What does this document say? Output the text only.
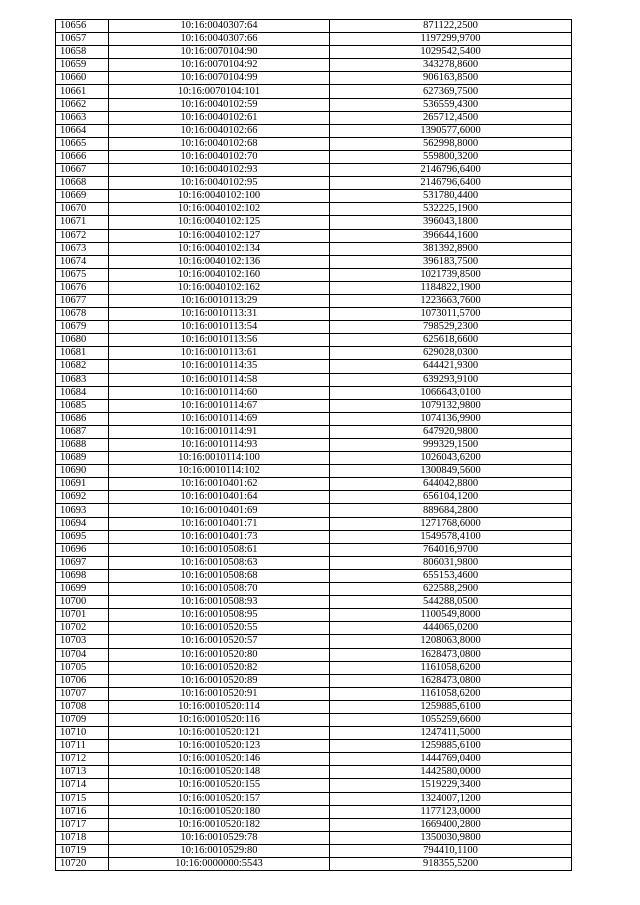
10656	10:16:0040307:64	871122,2500
10657	10:16:0040307:66	1197299,9700
10658	10:16:0070104:90	1029542,5400
10659	10:16:0070104:92	343278,8600
10660	10:16:0070104:99	906163,8500
10661	10:16:0070104:101	627369,7500
10662	10:16:0040102:59	536559,4300
10663	10:16:0040102:61	265712,4500
10664	10:16:0040102:66	1390577,6000
10665	10:16:0040102:68	562998,8000
10666	10:16:0040102:70	559800,3200
10667	10:16:0040102:93	2146796,6400
10668	10:16:0040102:95	2146796,6400
10669	10:16:0040102:100	531780,4400
10670	10:16:0040102:102	532225,1900
10671	10:16:0040102:125	396043,1800
10672	10:16:0040102:127	396644,1600
10673	10:16:0040102:134	381392,8900
10674	10:16:0040102:136	396183,7500
10675	10:16:0040102:160	1021739,8500
10676	10:16:0040102:162	1184822,1900
10677	10:16:0010113:29	1223663,7600
10678	10:16:0010113:31	1073011,5700
10679	10:16:0010113:54	798529,2300
10680	10:16:0010113:56	625618,6600
10681	10:16:0010113:61	629028,0300
10682	10:16:0010114:35	644421,9300
10683	10:16:0010114:58	639293,9100
10684	10:16:0010114:60	1066643,0100
10685	10:16:0010114:67	1079132,9800
10686	10:16:0010114:69	1074136,9900
10687	10:16:0010114:91	647920,9800
10688	10:16:0010114:93	999329,1500
10689	10:16:0010114:100	1026043,6200
10690	10:16:0010114:102	1300849,5600
10691	10:16:0010401:62	644042,8800
10692	10:16:0010401:64	656104,1200
10693	10:16:0010401:69	889684,2800
10694	10:16:0010401:71	1271768,6000
10695	10:16:0010401:73	1549578,4100
10696	10:16:0010508:61	764016,9700
10697	10:16:0010508:63	806031,9800
10698	10:16:0010508:68	655153,4600
10699	10:16:0010508:70	622588,2900
10700	10:16:0010508:93	544288,0500
10701	10:16:0010508:95	1100549,8000
10702	10:16:0010520:55	444065,0200
10703	10:16:0010520:57	1208063,8000
10704	10:16:0010520:80	1628473,0800
10705	10:16:0010520:82	1161058,6200
10706	10:16:0010520:89	1628473,0800
10707	10:16:0010520:91	1161058,6200
10708	10:16:0010520:114	1259885,6100
10709	10:16:0010520:116	1055259,6600
10710	10:16:0010520:121	1247411,5000
10711	10:16:0010520:123	1259885,6100
10712	10:16:0010520:146	1444769,0400
10713	10:16:0010520:148	1442580,0000
10714	10:16:0010520:155	1519229,3400
10715	10:16:0010520:157	1324007,1200
10716	10:16:0010520:180	1177123,0000
10717	10:16:0010520:182	1669400,2800
10718	10:16:0010529:78	1350030,9800
10719	10:16:0010529:80	794410,1100
10720	10:16:0000000:5543	918355,5200
